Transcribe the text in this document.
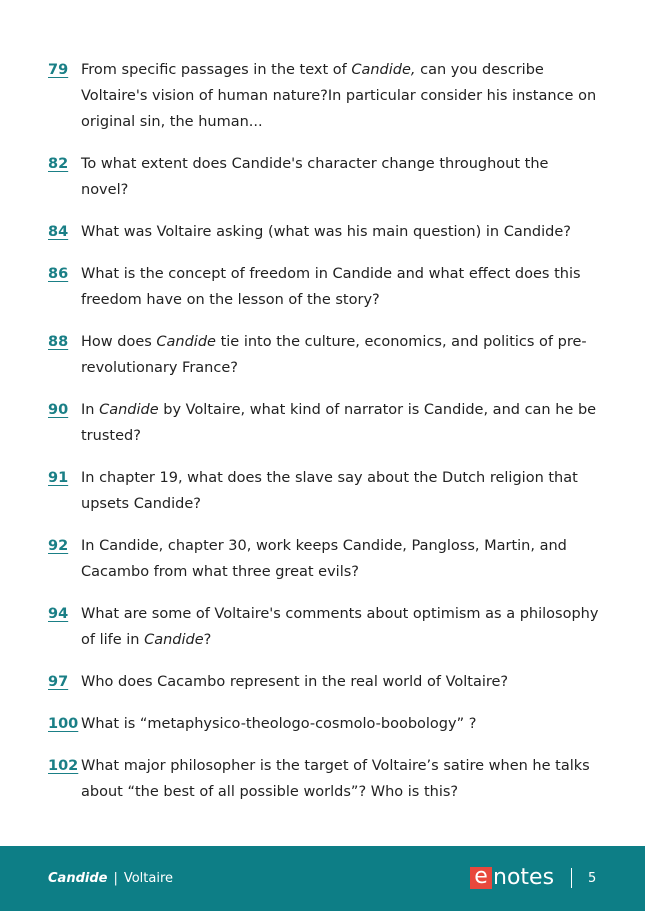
79 From specific passages in the text of Candide, can you describe Voltaire's vision of human nature?In particular consider his instance on original sin, the human...
82 To what extent does Candide's character change throughout the novel?
84 What was Voltaire asking (what was his main question) in Candide?
86 What is the concept of freedom in Candide and what effect does this freedom have on the lesson of the story?
88 How does Candide tie into the culture, economics, and politics of pre-revolutionary France?
90 In Candide by Voltaire, what kind of narrator is Candide, and can he be trusted?
91 In chapter 19, what does the slave say about the Dutch religion that upsets Candide?
92 In Candide, chapter 30, work keeps Candide, Pangloss, Martin, and Cacambo from what three great evils?
94 What are some of Voltaire's comments about optimism as a philosophy of life in Candide?
97 Who does Cacambo represent in the real world of Voltaire?
100 What is “metaphysico-theologo-cosmolo-boobology” ?
102 What major philosopher is the target of Voltaire’s satire when he talks about “the best of all possible worlds”? Who is this?
Candide | Voltaire	e notes	5
